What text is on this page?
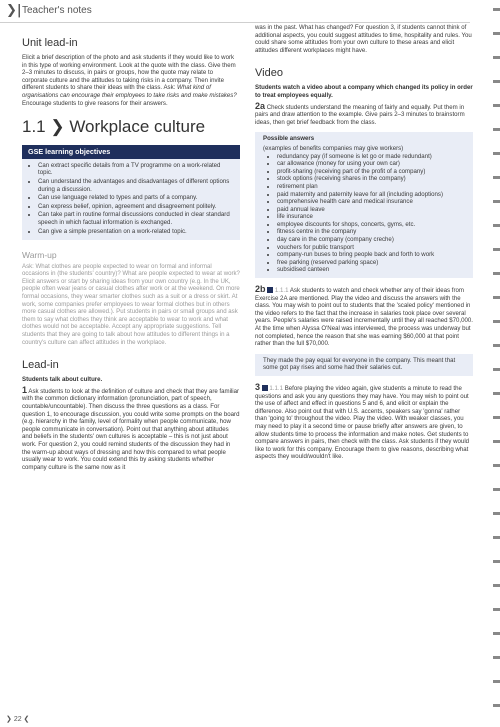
❯| Teacher's notes
Unit lead-in

Elicit a brief description of the photo and ask students if they would like to work in this type of working environment. Look at the quote with the class. Give them 2–3 minutes to discuss, in pairs or groups, how the quote may relate to corporate culture and the attitudes to taking risks in a company. Then invite different students to share their ideas with the class. Ask: What kind of organisations can encourage their employees to take risks and make mistakes? Encourage students to give reasons for their answers.

1.1 ❯ Workplace culture
GSE learning objectives
• Can extract specific details from a TV programme on a work-related topic.
• Can understand the advantages and disadvantages of different options during a discussion.
• Can use language related to types and parts of a company.
• Can express belief, opinion, agreement and disagreement politely.
• Can take part in routine formal discussions conducted in clear standard speech in which factual information is exchanged.
• Can give a simple presentation on a work-related topic.
Warm-up

Ask: What clothes are people expected to wear on formal and informal occasions in (the students' country)? What are people expected to wear at work? Elicit answers or start by sharing ideas from your own country (e.g. In the UK, people often wear jeans or casual clothes after work or at the weekend. On more formal occasions, they wear smarter clothes such as a suit or a dress or skirt. At work, some companies prefer employees to wear formal clothes but in others more casual clothes are allowed.). Put students in pairs or small groups and ask them to say what clothes they think are acceptable to wear to work and what clothes would not be acceptable. Accept any appropriate suggestions. Tell students that they are going to talk about how attitudes to different things in a country's culture can affect attitudes in the workplace.

Lead-in

Students talk about culture.

1 Ask students to look at the definition of culture and check that they are familiar with the common dictionary information (pronunciation, part of speech, countable/uncountable). Then discuss the three questions as a class. For question 1, to encourage discussion, you could write some prompts on the board (e.g. hierarchy in the family, level of formality when people communicate, how people communicate in conversation). Point out that anything about attitudes and beliefs in the students' own cultures is acceptable – this is not just about work. For question 2, you could remind students of the discussion they had in the warm-up about ways of dressing and how this compared to what people usually wear to work. You could extend this by asking students whether company culture is the same now as it

was in the past. What has changed? For question 3, if students cannot think of additional aspects, you could suggest attitudes to time, hospitality and rules. You could share some attitudes from your own culture to these areas and elicit attitudes different workplaces might have.

Video

Students watch a video about a company which changed its policy in order to treat employees equally.

2a Check students understand the meaning of fairly and equally. Put them in pairs and draw attention to the example. Give pairs 2–3 minutes to brainstorm ideas, then get brief feedback from the class.

Possible answers
(examples of benefits companies may give workers)
• redundancy pay (if someone is let go or made redundant)
• car allowance (money for using your own car)
• profit-sharing (receiving part of the profit of a company)
• stock options (receiving shares in the company)
• retirement plan
• paid maternity and paternity leave for all (including adoptions)
• comprehensive health care and medical insurance
• paid annual leave
• life insurance
• employee discounts for shops, concerts, gyms, etc.
• fitness centre in the company
• day care in the company (company creche)
• vouchers for public transport
• company-run buses to bring people back and forth to work
• free parking (reserved parking space)
• subsidised canteen

2b 1.1.1 Ask students to watch and check whether any of their ideas from Exercise 2A are mentioned. Play the video and discuss the answers with the class. You may wish to point out to students that the 'scaled policy' mentioned in the video refers to the fact that the increase in salaries took place over several years. People's salaries were raised incrementally until they all reached $70,000. At the time when Alyssa O'Neal was interviewed, the process was underway but not completed, hence the reason that she was earning $60,000 at that point rather than the full $70,000.

They made the pay equal for everyone in the company. This meant that some got pay rises and some had their salaries cut.

3 1.1.1 Before playing the video again, give students a minute to read the questions and ask you any questions they may have. You may wish to point out the use of affect and effect in questions 5 and 6, and elicit or explain the difference. Also point out that with U.S. accents, speakers say 'gonna' rather than 'going to' throughout the video. Play the video. With weaker classes, you may need to play it a second time or pause briefly after answers are given, to allow students time to process the information and make notes. Get students to compare answers in pairs, then check with the class. Ask students if they would like to work for this company. Encourage them to give reasons, describing what aspects they would/wouldn't like.

❯ 22 ❮
